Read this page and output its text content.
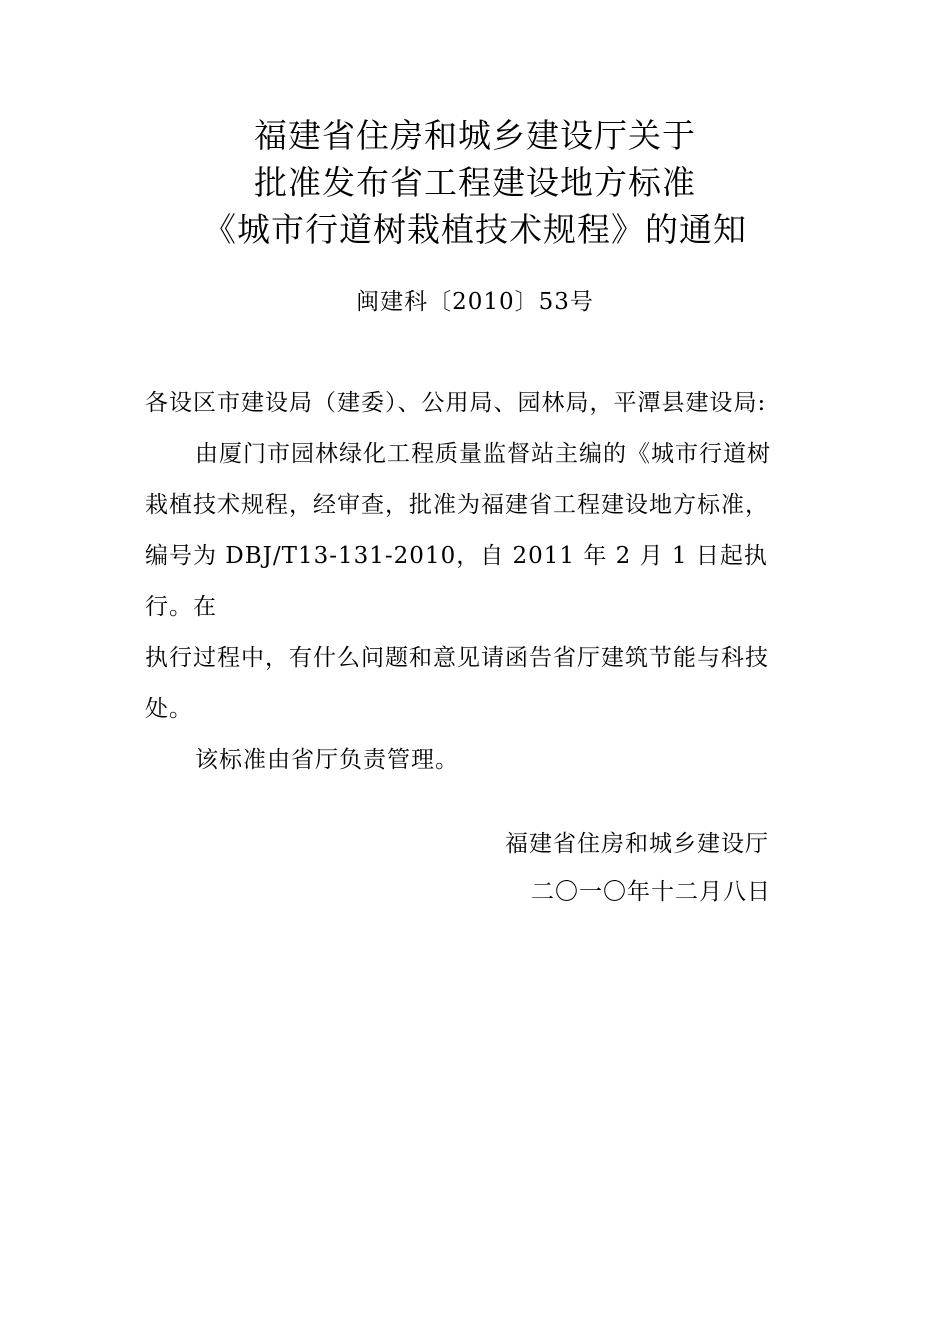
福建省住房和城乡建设厅关于
批准发布省工程建设地方标准
《城市行道树栽植技术规程》的通知
闽建科〔2010〕53号
各设区市建设局（建委）、公用局、园林局，平潭县建设局:
由厦门市园林绿化工程质量监督站主编的《城市行道树
栽植技术规程，经审查，批准为福建省工程建设地方标准，
编号为 DBJ/T13-131-2010，自 2011 年 2 月 1 日起执行。在
执行过程中，有什么问题和意见请函告省厅建筑节能与科技
处。
该标准由省厅负责管理。
福建省住房和城乡建设厅
二〇一〇年十二月八日
